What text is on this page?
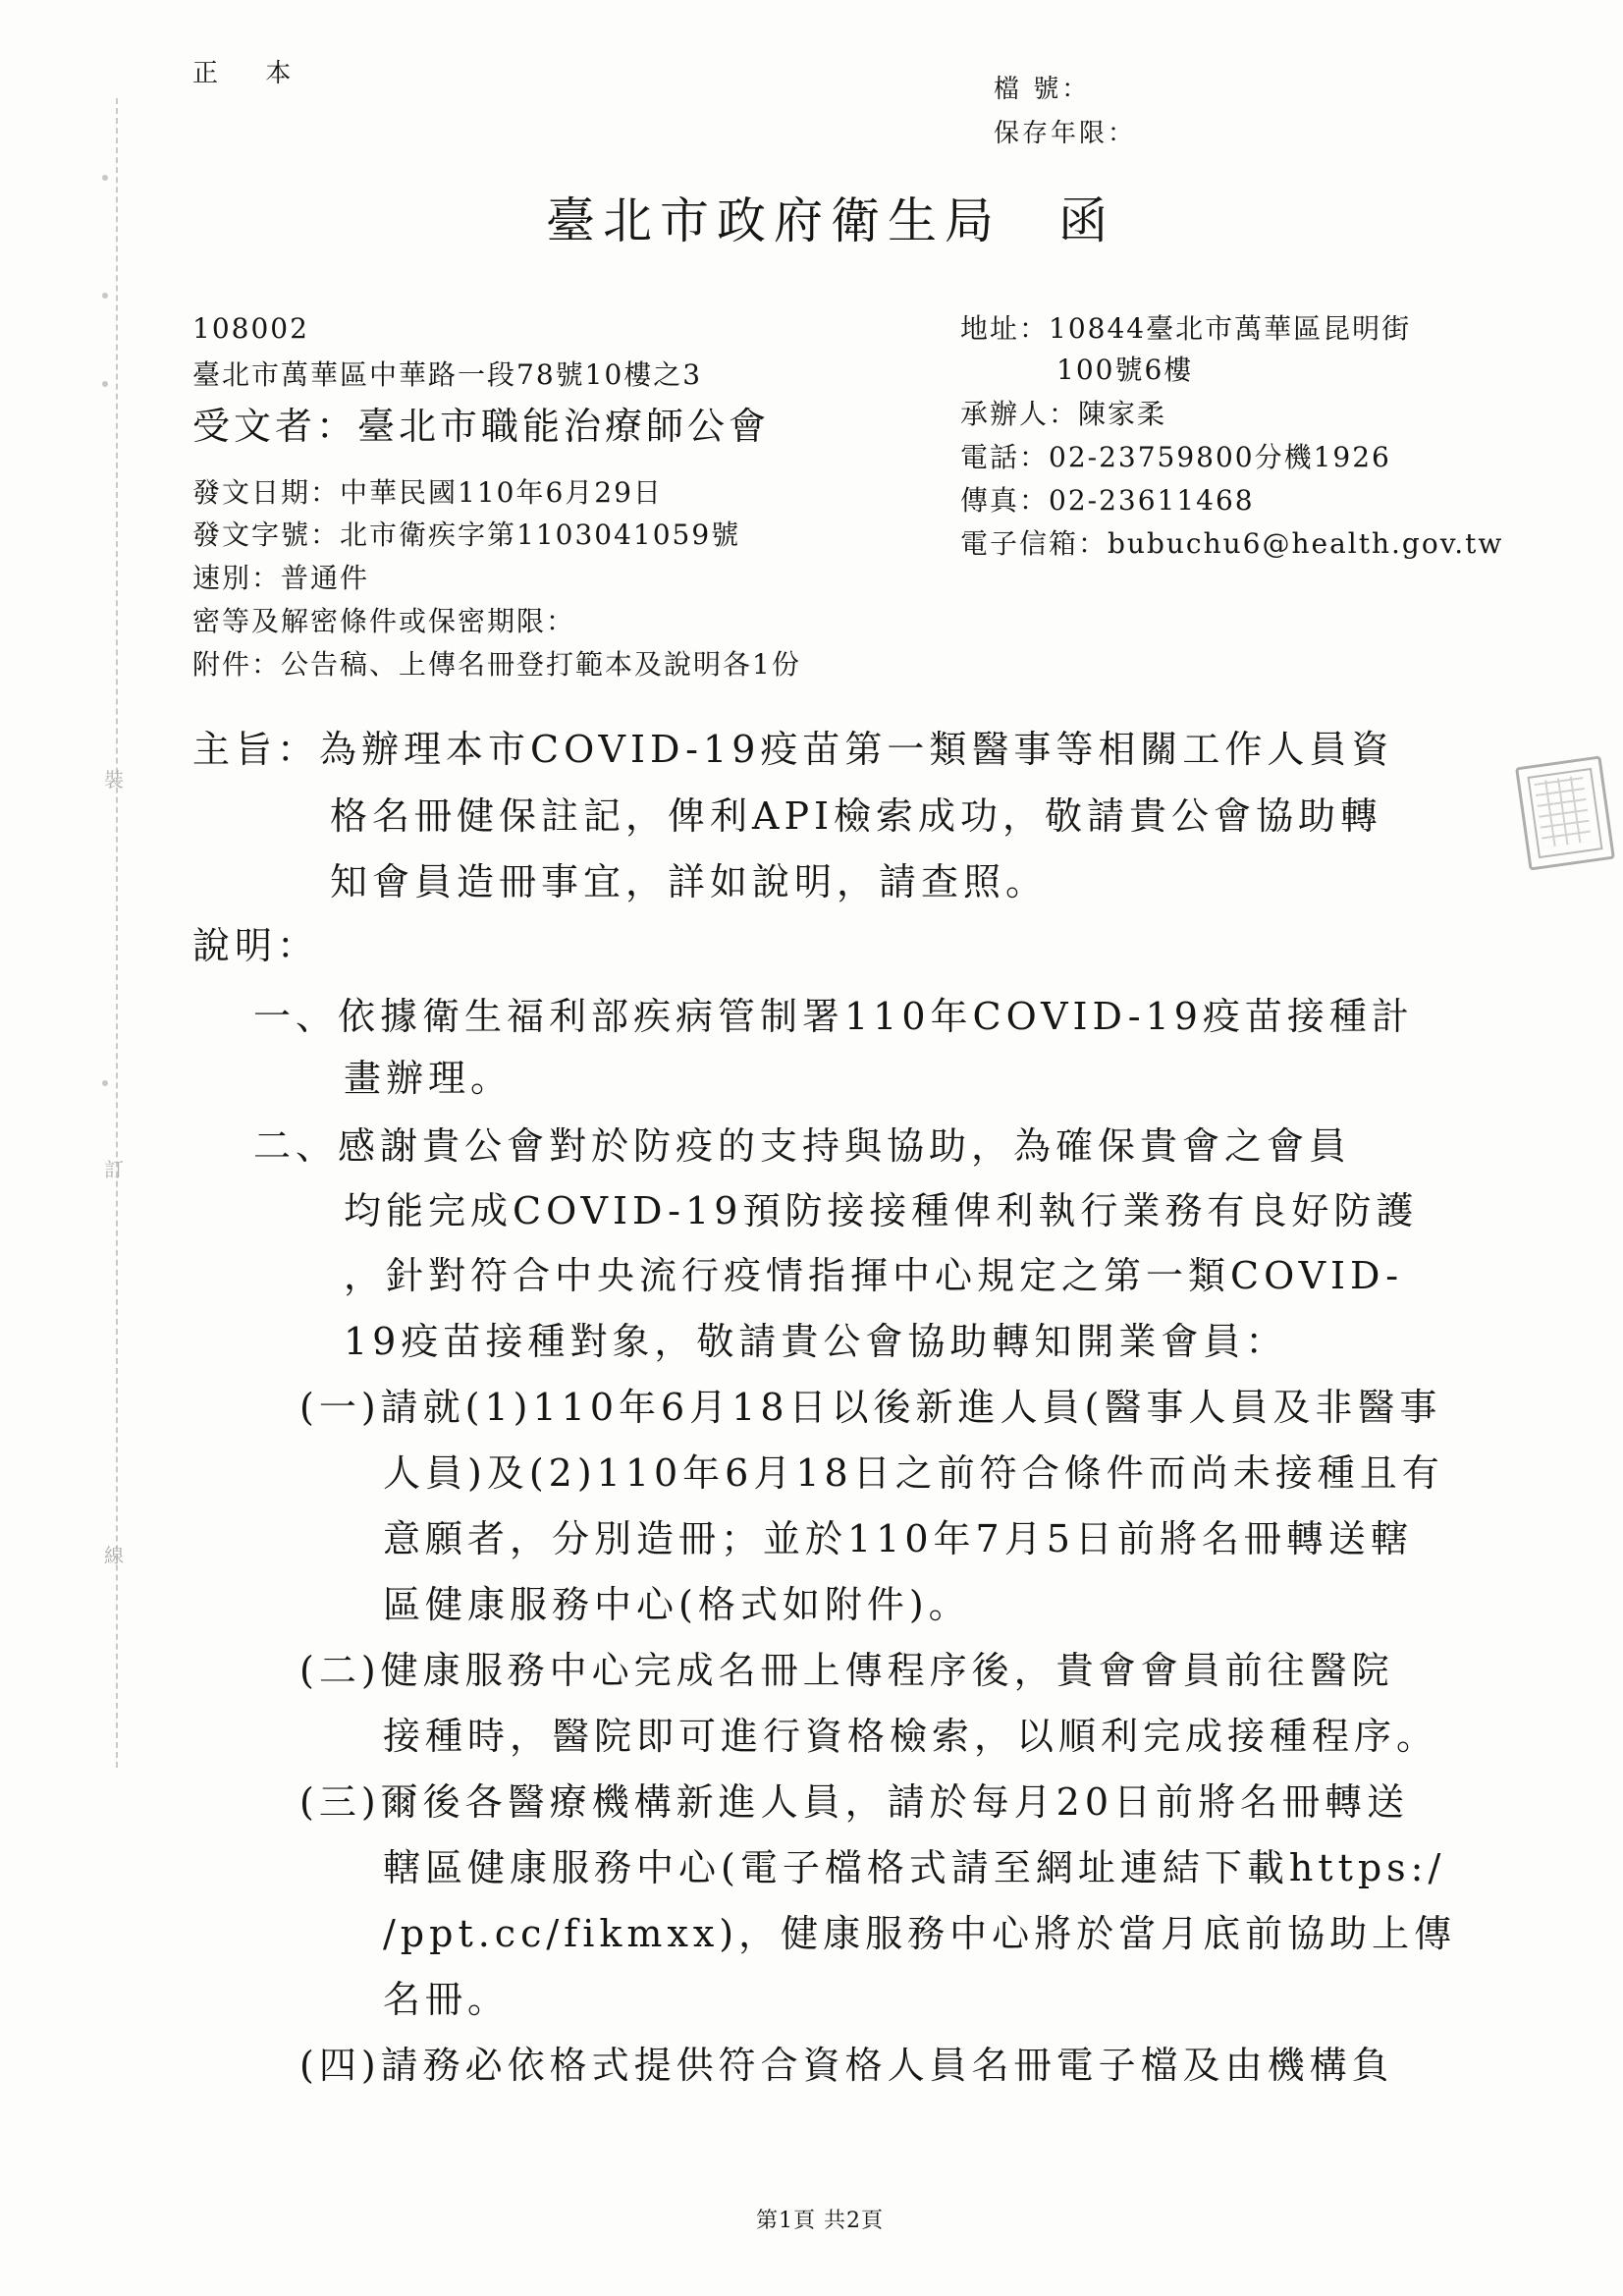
裝
訂
線
正 本
檔 號：
保存年限：
臺北市政府衛生局　函
108002
臺北市萬華區中華路一段78號10樓之3
受文者：臺北市職能治療師公會
地址：10844臺北市萬華區昆明街
100號6樓
承辦人：陳家柔
電話：02-23759800分機1926
傳真：02-23611468
電子信箱：bubuchu6@health.gov.tw
發文日期：中華民國110年6月29日
發文字號：北市衛疾字第1103041059號
速別：普通件
密等及解密條件或保密期限：
附件：公告稿、上傳名冊登打範本及說明各1份
主旨：為辦理本市COVID-19疫苗第一類醫事等相關工作人員資
格名冊健保註記，俾利API檢索成功，敬請貴公會協助轉
知會員造冊事宜，詳如說明，請查照。
說明：
一、依據衛生福利部疾病管制署110年COVID-19疫苗接種計
畫辦理。
二、感謝貴公會對於防疫的支持與協助，為確保貴會之會員
均能完成COVID-19預防接接種俾利執行業務有良好防護
，針對符合中央流行疫情指揮中心規定之第一類COVID-
19疫苗接種對象，敬請貴公會協助轉知開業會員：
(一)請就(1)110年6月18日以後新進人員(醫事人員及非醫事
人員)及(2)110年6月18日之前符合條件而尚未接種且有
意願者，分別造冊；並於110年7月5日前將名冊轉送轄
區健康服務中心(格式如附件)。
(二)健康服務中心完成名冊上傳程序後，貴會會員前往醫院
接種時，醫院即可進行資格檢索，以順利完成接種程序。
(三)爾後各醫療機構新進人員，請於每月20日前將名冊轉送
轄區健康服務中心(電子檔格式請至網址連結下載https:/
/ppt.cc/fikmxx)，健康服務中心將於當月底前協助上傳
名冊。
(四)請務必依格式提供符合資格人員名冊電子檔及由機構負
第1頁 共2頁
